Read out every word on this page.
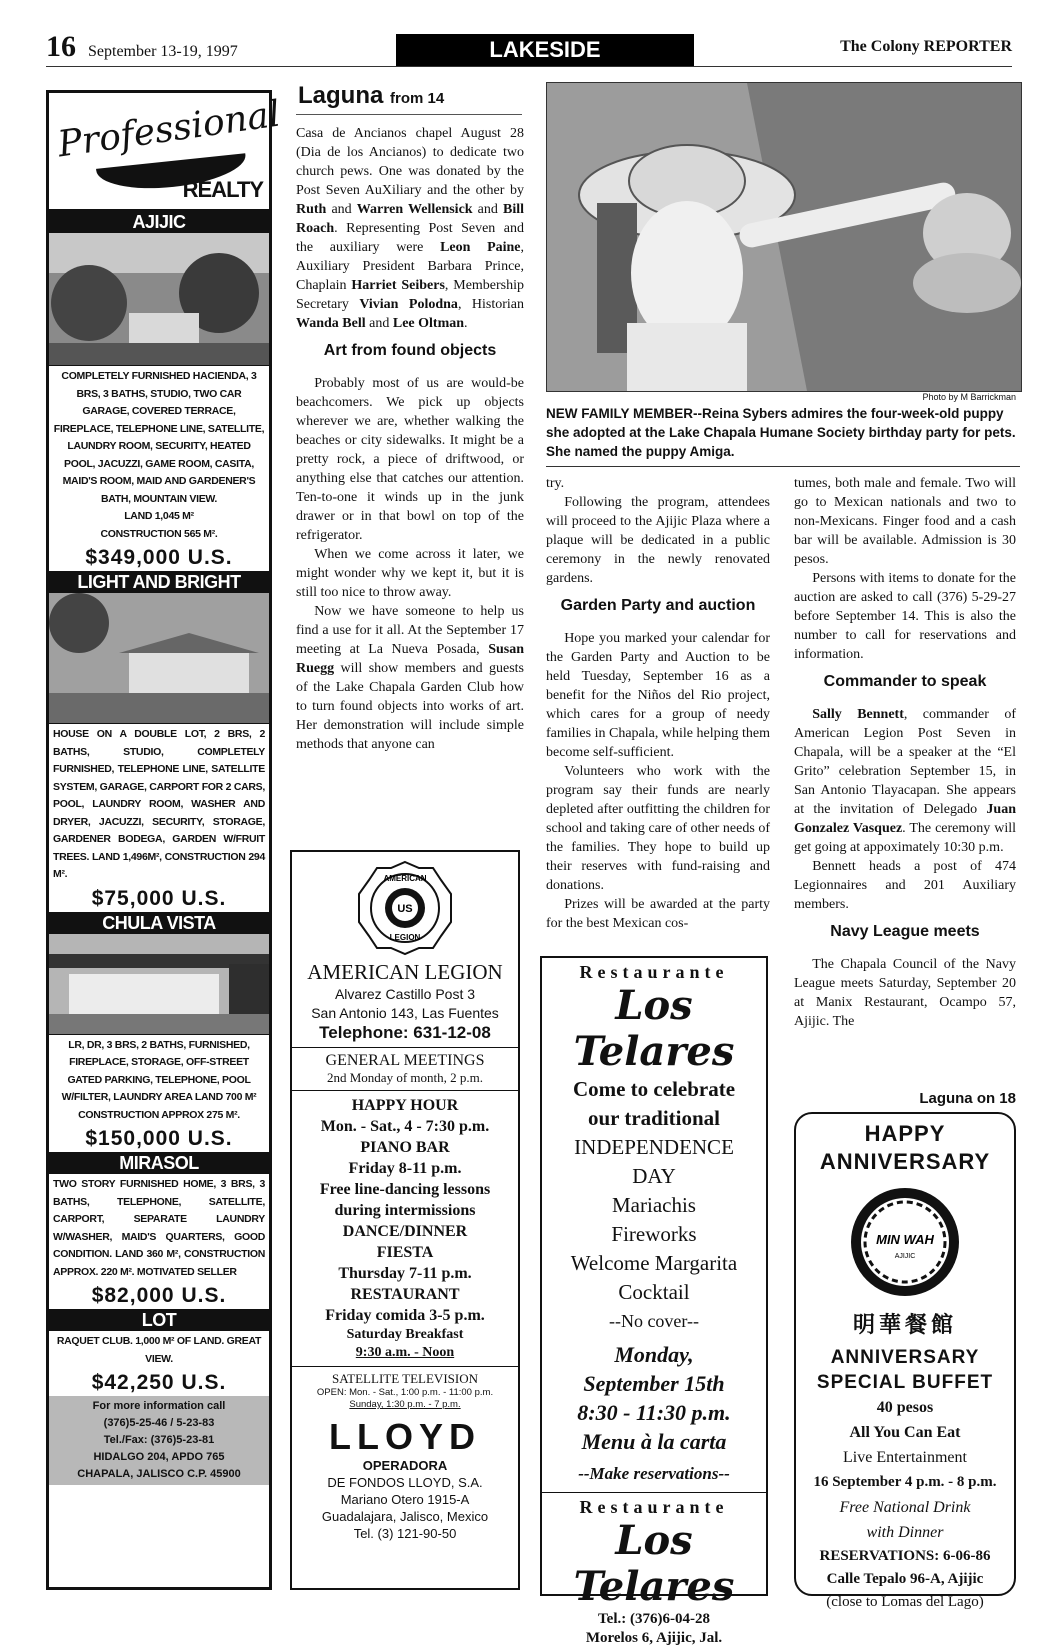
16 September 13-19, 1997	LAKESIDE	The Colony REPORTER
Professional
REALTY
AJIJIC
COMPLETELY FURNISHED HACIENDA, 3 BRS, 3 BATHS, STUDIO, TWO CAR GARAGE, COVERED TERRACE, FIREPLACE, TELEPHONE LINE, SATELLITE, LAUNDRY ROOM, SECURITY, HEATED POOL, JACUZZI, GAME ROOM, CASITA, MAID'S ROOM, MAID AND GARDENER'S BATH, MOUNTAIN VIEW.
LAND 1,045 M²
CONSTRUCTION 565 M².
$349,000 U.S.
LIGHT AND BRIGHT
HOUSE ON A DOUBLE LOT, 2 BRS, 2 BATHS, STUDIO, COMPLETELY FURNISHED, TELEPHONE LINE, SATELLITE SYSTEM, GARAGE, CARPORT FOR 2 CARS, POOL, LAUNDRY ROOM, WASHER AND DRYER, JACUZZI, SECURITY, STORAGE, GARDENER BODEGA, GARDEN W/FRUIT TREES. LAND 1,496M², CONSTRUCTION 294 M².
$75,000 U.S.
CHULA VISTA
LR, DR, 3 BRS, 2 BATHS, FURNISHED, FIREPLACE, STORAGE, OFF-STREET GATED PARKING, TELEPHONE, POOL W/FILTER, LAUNDRY AREA LAND 700 M² CONSTRUCTION APPROX 275 M².
$150,000 U.S.
MIRASOL
TWO STORY FURNISHED HOME, 3 BRS, 3 BATHS, TELEPHONE, SATELLITE, CARPORT, SEPARATE LAUNDRY W/WASHER, MAID'S QUARTERS, GOOD CONDITION. LAND 360 M², CONSTRUCTION APPROX. 220 M². MOTIVATED SELLER
$82,000 U.S.
LOT
RAQUET CLUB. 1,000 M² OF LAND. GREAT VIEW.
$42,250 U.S.
For more information call
(376)5-25-46 / 5-23-83
Tel./Fax: (376)5-23-81
HIDALGO 204, APDO 765
CHAPALA, JALISCO C.P. 45900
Laguna from 14

Casa de Ancianos chapel August 28 (Dia de los Ancianos) to dedicate two church pews. One was donated by the Post Seven AuXiliary and the other by Ruth and Warren Wellensick and Bill Roach. Representing Post Seven and the auxiliary were Leon Paine, Auxiliary President Barbara Prince, Chaplain Harriet Seibers, Membership Secretary Vivian Polodna, Historian Wanda Bell and Lee Oltman.

Art from found objects

Probably most of us are would-be beachcomers. We pick up objects wherever we are, whether walking the beaches or city sidewalks. It might be a pretty rock, a piece of driftwood, or anything else that catches our attention. Ten-to-one it winds up in the junk drawer or in that bowl on top of the refrigerator.

When we come across it later, we might wonder why we kept it, but it is still too nice to throw away.

Now we have someone to help us find a use for it all. At the September 17 meeting at La Nueva Posada, Susan Ruegg will show members and guests of the Lake Chapala Garden Club how to turn found objects into works of art. Her demonstration will include simple methods that anyone can

AMERICAN
US
LEGION
AMERICAN LEGION
Alvarez Castillo Post 3
San Antonio 143, Las Fuentes
Telephone: 631-12-08
GENERAL MEETINGS
2nd Monday of month, 2 p.m.
HAPPY HOUR
Mon. - Sat., 4 - 7:30 p.m.
PIANO BAR
Friday 8-11 p.m.
Free line-dancing lessons
during intermissions
DANCE/DINNER
FIESTA
Thursday 7-11 p.m.
RESTAURANT
Friday comida 3-5 p.m.
Saturday Breakfast
9:30 a.m. - Noon
SATELLITE TELEVISION
OPEN: Mon. - Sat., 1:00 p.m. - 11:00 p.m.
Sunday, 1:30 p.m. - 7 p.m.
LLOYD
OPERADORA
DE FONDOS LLOYD, S.A.
Mariano Otero 1915-A
Guadalajara, Jalisco, Mexico
Tel. (3) 121-90-50
Photo by M Barrickman
NEW FAMILY MEMBER--Reina Sybers admires the four-week-old puppy she adopted at the Lake Chapala Humane Society birthday party for pets. She named the puppy Amiga.

try.

Following the program, attendees will proceed to the Ajijic Plaza where a plaque will be dedicated in a public ceremony in the newly renovated gardens.

Garden Party and auction

Hope you marked your calendar for the Garden Party and Auction to be held Tuesday, September 16 as a benefit for the Niños del Rio project, which cares for a group of needy families in Chapala, while helping them become self-sufficient.

Volunteers who work with the program say their funds are nearly depleted after outfitting the children for school and taking care of other needs of the families. They hope to build up their reserves with fund-raising and donations.

Prizes will be awarded at the party for the best Mexican cos-

tumes, both male and female. Two will go to Mexican nationals and two to non-Mexicans. Finger food and a cash bar will be available. Admission is 30 pesos.

Persons with items to donate for the auction are asked to call (376) 5-29-27 before September 14. This is also the number to call for reservations and information.

Commander to speak

Sally Bennett, commander of American Legion Post Seven in Chapala, will be a speaker at the “El Grito” celebration September 15, in San Antonio Tlayacapan. She appears at the invitation of Delegado Juan Gonzalez Vasquez. The ceremony will get going at appoximately 10:30 p.m.

Bennett heads a post of 474 Legionnaires and 201 Auxiliary members.

Navy League meets

The Chapala Council of the Navy League meets Saturday, September 20 at Manix Restaurant, Ocampo 57, Ajijic. The

Restaurante
Los Telares
Come to celebrate
our traditional
INDEPENDENCE
DAY
Mariachis
Fireworks
Welcome Margarita
Cocktail
--No cover--
Monday,
September 15th
8:30 - 11:30 p.m.
Menu à la carta
--Make reservations--
Restaurante
Los Telares
Tel.: (376)6-04-28
Morelos 6, Ajijic, Jal.
Laguna on 18
HAPPY
ANNIVERSARY
MIN WAH
AJIJIC
明華餐館
ANNIVERSARY
SPECIAL BUFFET
40 pesos
All You Can Eat
Live Entertainment
16 September 4 p.m. - 8 p.m.
Free National Drink
with Dinner
RESERVATIONS: 6-06-86
Calle Tepalo 96-A, Ajijic
(close to Lomas del Lago)
